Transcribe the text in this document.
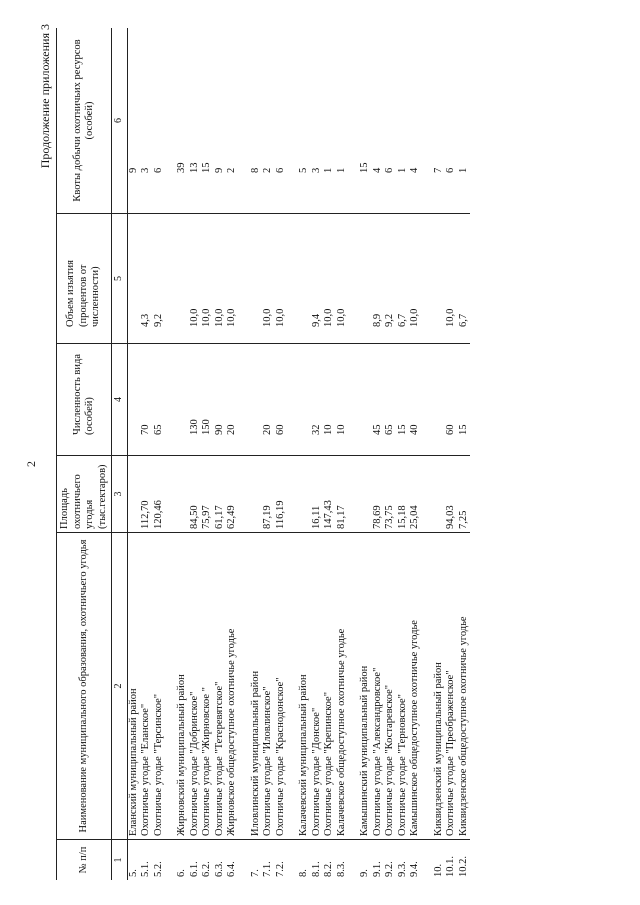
2
Продолжение приложения 3
№ п/п	Наименование муниципального образования, охотничьего угодья	Площадь охотничьего угодья (тыс.гектаров)	Численность вида (особей)	Объем изъятия (процентов от численности)	Квоты добычи охотничьих ресурсов (особей)
1	2	3	4	5	6
5.	Еланский муниципальный район				9
5.1.	Охотничье угодье "Еланское"	112,70	70	4,3	3
5.2.	Охотничье угодье "Терсинское"	120,46	65	9,2	6

6.	Жирновский муниципальный район				39
6.1.	Охотничье угодье "Добринское"	84,50	130	10,0	13
6.2.	Охотничье угодье "Жирновское "	75,97	150	10,0	15
6.3.	Охотничье угодье "Тетеревятское"	61,17	90	10,0	9
6.4.	Жирновское общедоступное охотничье угодье	62,49	20	10,0	2

7.	Иловлинский муниципальный район				8
7.1.	Охотничье угодье "Иловлинское"	87,19	20	10,0	2
7.2.	Охотничье угодье "Краснодонское"	116,19	60	10,0	6

8.	Калачевский муниципальный район				5
8.1.	Охотничье угодье "Донское"	16,11	32	9,4	3
8.2.	Охотничье угодье "Крепинское"	147,43	10	10,0	1
8.3.	Калачевское общедоступное охотничье угодье	81,17	10	10,0	1

9.	Камышинский муниципальный район				15
9.1.	Охотничье угодье "Александровское"	78,69	45	8,9	4
9.2.	Охотничье угодье "Костаревское"	73,75	65	9,2	6
9.3.	Охотничье угодье "Терновское"	15,18	15	6,7	1
9.4.	Камышинское общедоступное охотничье угодье	25,04	40	10,0	4

10.	Киквидзенский муниципальный район				7
10.1.	Охотничье угодье "Преображенское"	94,03	60	10,0	6
10.2.	Киквидзенское общедоступное охотничье угодье	7,25	15	6,7	1
